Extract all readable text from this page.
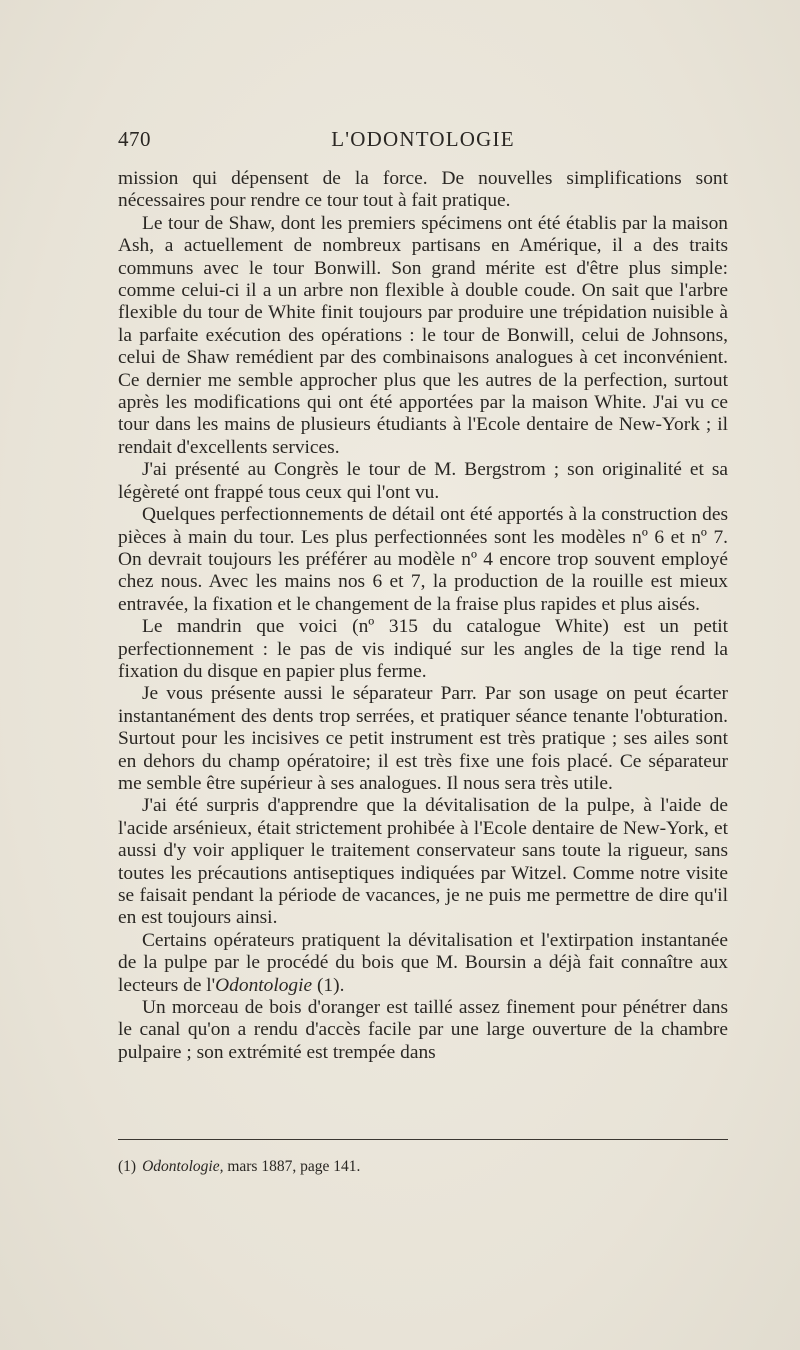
470	L'ODONTOLOGIE

mission qui dépensent de la force. De nouvelles simplifications sont nécessaires pour rendre ce tour tout à fait pratique.

Le tour de Shaw, dont les premiers spécimens ont été établis par la maison Ash, a actuellement de nombreux partisans en Amérique, il a des traits communs avec le tour Bonwill. Son grand mérite est d'être plus simple: comme celui-ci il a un arbre non flexible à double coude. On sait que l'arbre flexible du tour de White finit toujours par produire une trépidation nuisible à la parfaite exécution des opérations : le tour de Bonwill, celui de Johnsons, celui de Shaw remédient par des combinaisons analogues à cet inconvénient. Ce dernier me semble approcher plus que les autres de la perfection, surtout après les modifications qui ont été apportées par la maison White. J'ai vu ce tour dans les mains de plusieurs étudiants à l'Ecole dentaire de New-York ; il rendait d'excellents services.

J'ai présenté au Congrès le tour de M. Bergstrom ; son originalité et sa légèreté ont frappé tous ceux qui l'ont vu.

Quelques perfectionnements de détail ont été apportés à la construction des pièces à main du tour. Les plus perfectionnées sont les modèles nº 6 et nº 7. On devrait toujours les préférer au modèle nº 4 encore trop souvent employé chez nous. Avec les mains nos 6 et 7, la production de la rouille est mieux entravée, la fixation et le changement de la fraise plus rapides et plus aisés.

Le mandrin que voici (nº 315 du catalogue White) est un petit perfectionnement : le pas de vis indiqué sur les angles de la tige rend la fixation du disque en papier plus ferme.

Je vous présente aussi le séparateur Parr. Par son usage on peut écarter instantanément des dents trop serrées, et pratiquer séance tenante l'obturation. Surtout pour les incisives ce petit instrument est très pratique ; ses ailes sont en dehors du champ opératoire; il est très fixe une fois placé. Ce séparateur me semble être supérieur à ses analogues. Il nous sera très utile.

J'ai été surpris d'apprendre que la dévitalisation de la pulpe, à l'aide de l'acide arsénieux, était strictement prohibée à l'Ecole dentaire de New-York, et aussi d'y voir appliquer le traitement conservateur sans toute la rigueur, sans toutes les précautions antiseptiques indiquées par Witzel. Comme notre visite se faisait pendant la période de vacances, je ne puis me permettre de dire qu'il en est toujours ainsi.

Certains opérateurs pratiquent la dévitalisation et l'extirpation instantanée de la pulpe par le procédé du bois que M. Boursin a déjà fait connaître aux lecteurs de l'Odontologie (1).

Un morceau de bois d'oranger est taillé assez finement pour pénétrer dans le canal qu'on a rendu d'accès facile par une large ouverture de la chambre pulpaire ; son extrémité est trempée dans

(1) Odontologie, mars 1887, page 141.
